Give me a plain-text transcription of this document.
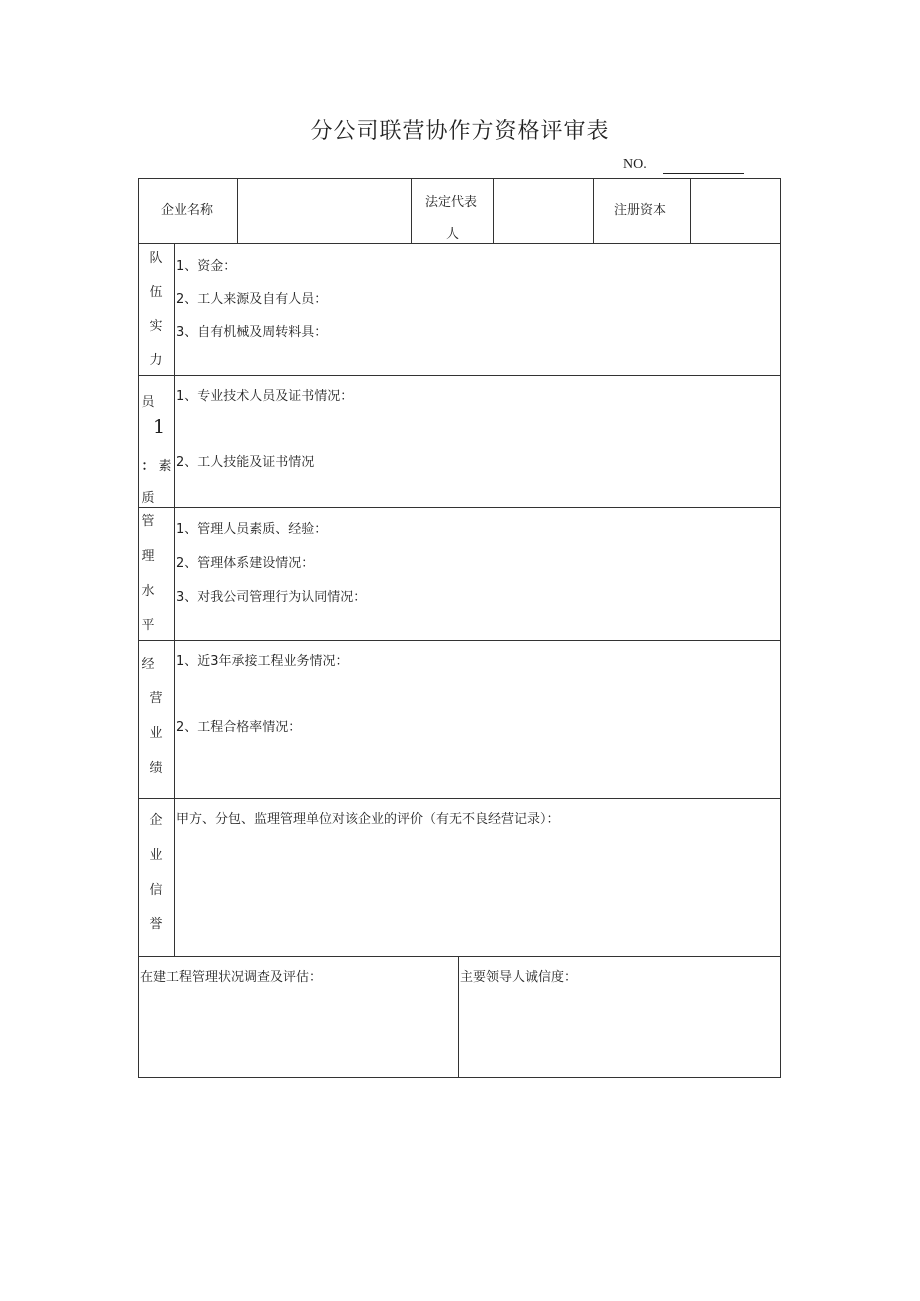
分公司联营协作方资格评审表
NO.
企业名称
法定代表
人
注册资本
队
伍
实
力
1、资金：
2、工人来源及自有人员：
3、自有机械及周转料具：
员
1
： 素
质
1、专业技术人员及证书情况：
2、工人技能及证书情况
管
理
水
平
1、管理人员素质、经验：
2、管理体系建设情况：
3、对我公司管理行为认同情况：
经
营
业
绩
1、近3年承接工程业务情况：
2、工程合格率情况：
企
业
信
誉
甲方、分包、监理管理单位对该企业的评价（有无不良经营记录）：
在建工程管理状况调查及评估：	主要领导人诚信度：
